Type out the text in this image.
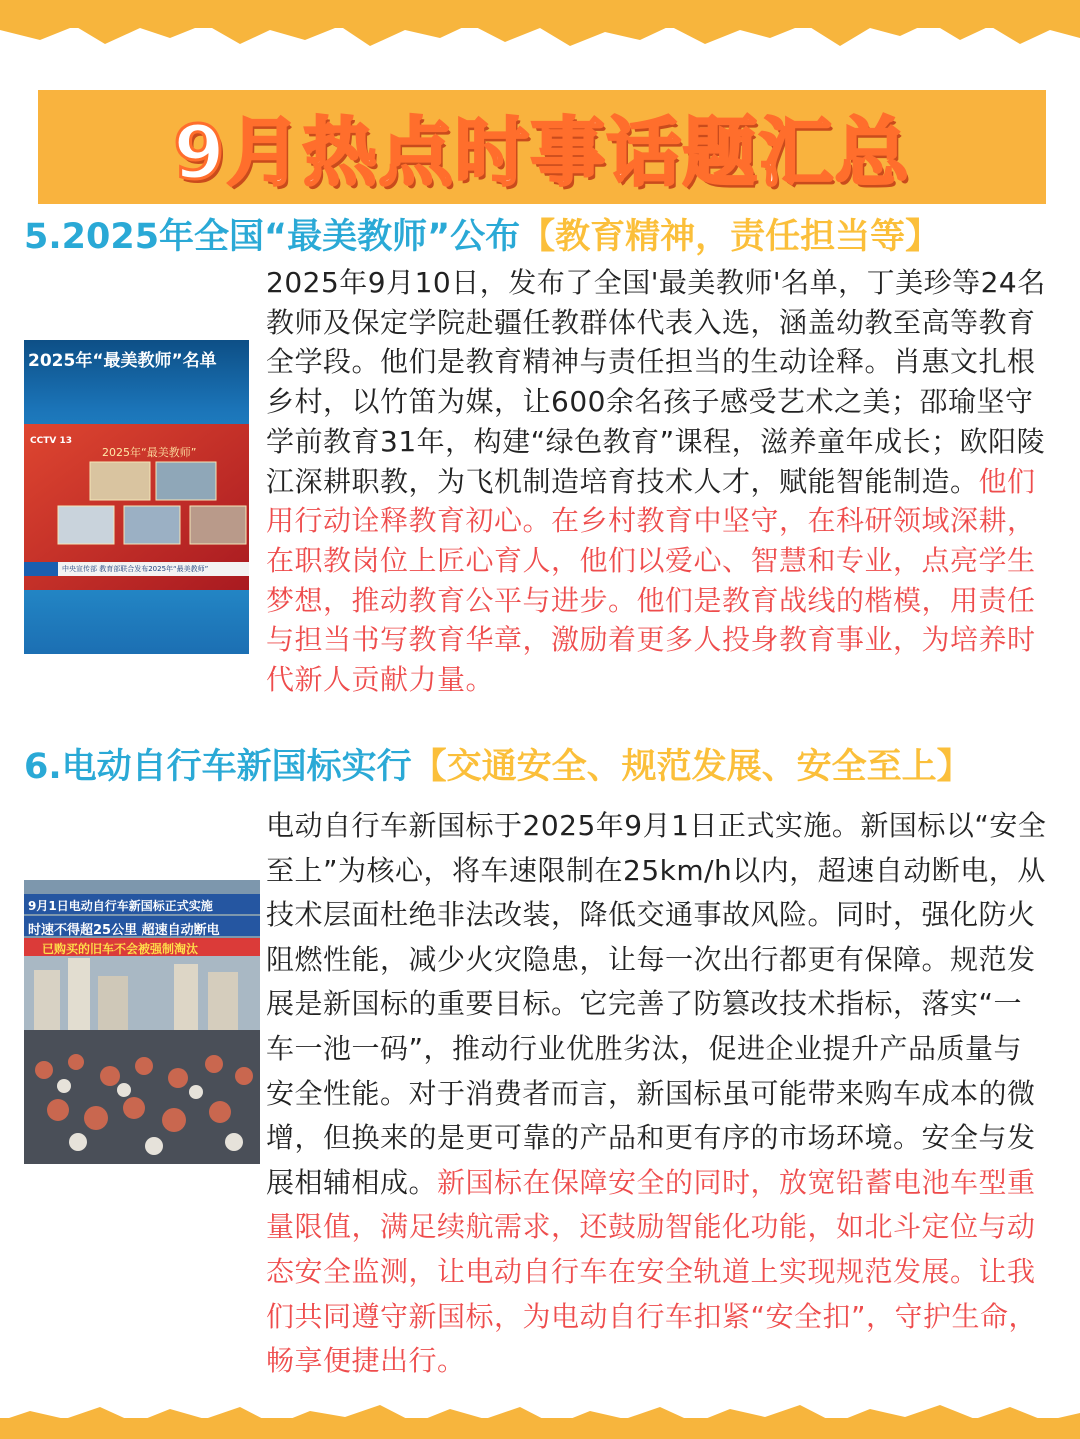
9月热点时事话题汇总
5.2025年全国“最美教师”公布【教育精神，责任担当等】
2025年“最美教师”名单
CCTV 13
2025年“最美教师”
中央宣传部 教育部联合发布2025年“最美教师”

2025年9月10日，发布了全国'最美教师'名单，丁美珍等24名教师及保定学院赴疆任教群体代表入选，涵盖幼教至高等教育全学段。他们是教育精神与责任担当的生动诠释。肖惠文扎根乡村，以竹笛为媒，让600余名孩子感受艺术之美；邵瑜坚守学前教育31年，构建“绿色教育”课程，滋养童年成长；欧阳陵江深耕职教，为飞机制造培育技术人才，赋能智能制造。他们用行动诠释教育初心。在乡村教育中坚守，在科研领域深耕，在职教岗位上匠心育人，他们以爱心、智慧和专业，点亮学生梦想，推动教育公平与进步。他们是教育战线的楷模，用责任与担当书写教育华章，激励着更多人投身教育事业，为培养时代新人贡献力量。

6.电动自行车新国标实行【交通安全、规范发展、安全至上】
9月1日电动自行车新国标正式实施
时速不得超25公里 超速自动断电
已购买的旧车不会被强制淘汰

电动自行车新国标于2025年9月1日正式实施。新国标以“安全至上”为核心，将车速限制在25km/h以内，超速自动断电，从技术层面杜绝非法改装，降低交通事故风险。同时，强化防火阻燃性能，减少火灾隐患，让每一次出行都更有保障。规范发展是新国标的重要目标。它完善了防篡改技术指标，落实“一车一池一码”，推动行业优胜劣汰，促进企业提升产品质量与安全性能。对于消费者而言，新国标虽可能带来购车成本的微增，但换来的是更可靠的产品和更有序的市场环境。安全与发展相辅相成。新国标在保障安全的同时，放宽铅蓄电池车型重量限值，满足续航需求，还鼓励智能化功能，如北斗定位与动态安全监测，让电动自行车在安全轨道上实现规范发展。让我们共同遵守新国标，为电动自行车扣紧“安全扣”，守护生命，畅享便捷出行。
